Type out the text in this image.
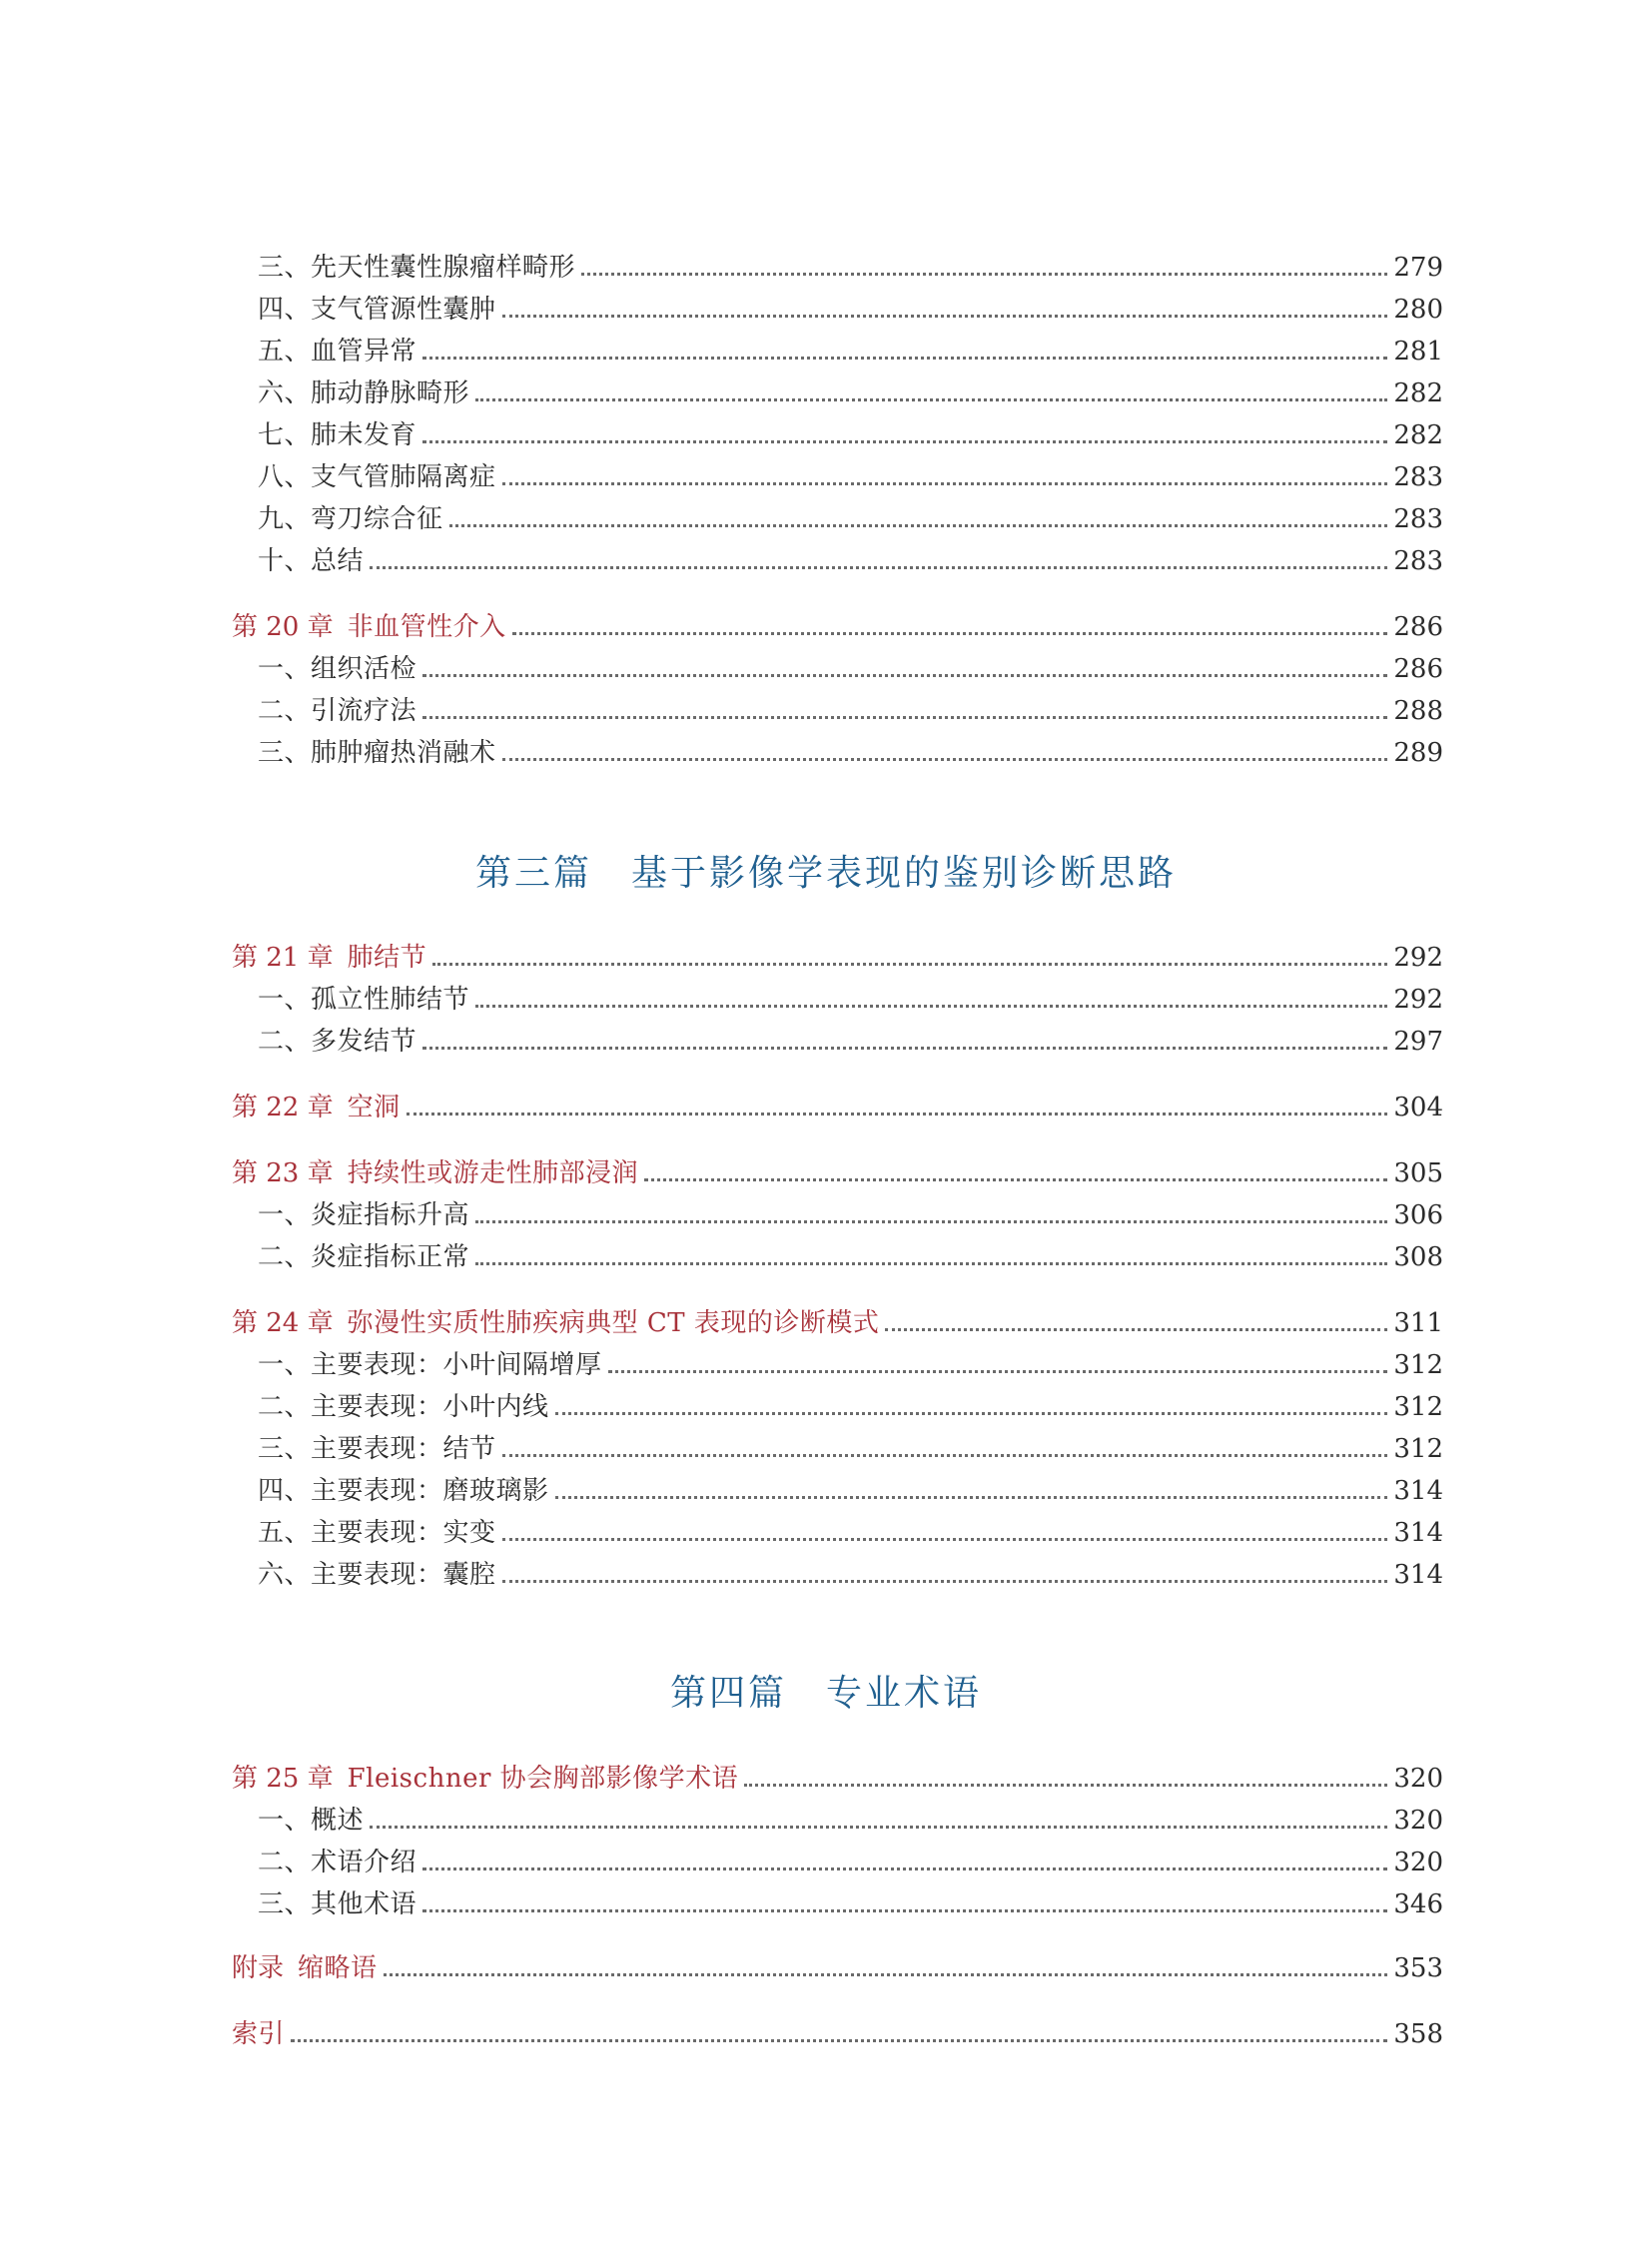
第三篇　基于影像学表现的鉴别诊断思路
第四篇　专业术语
三、先天性囊性腺瘤样畸形	279
四、支气管源性囊肿	280
五、血管异常	281
六、肺动静脉畸形	282
七、肺未发育	282
八、支气管肺隔离症	283
九、弯刀综合征	283
十、总结	283
第 20 章 非血管性介入	286
一、组织活检	286
二、引流疗法	288
三、肺肿瘤热消融术	289
第 21 章 肺结节	292
一、孤立性肺结节	292
二、多发结节	297
第 22 章 空洞	304
第 23 章 持续性或游走性肺部浸润	305
一、炎症指标升高	306
二、炎症指标正常	308
第 24 章 弥漫性实质性肺疾病典型 CT 表现的诊断模式	311
一、主要表现：小叶间隔增厚	312
二、主要表现：小叶内线	312
三、主要表现：结节	312
四、主要表现：磨玻璃影	314
五、主要表现：实变	314
六、主要表现：囊腔	314
第 25 章 Fleischner 协会胸部影像学术语	320
一、概述	320
二、术语介绍	320
三、其他术语	346
附录 缩略语	353
索引	358
